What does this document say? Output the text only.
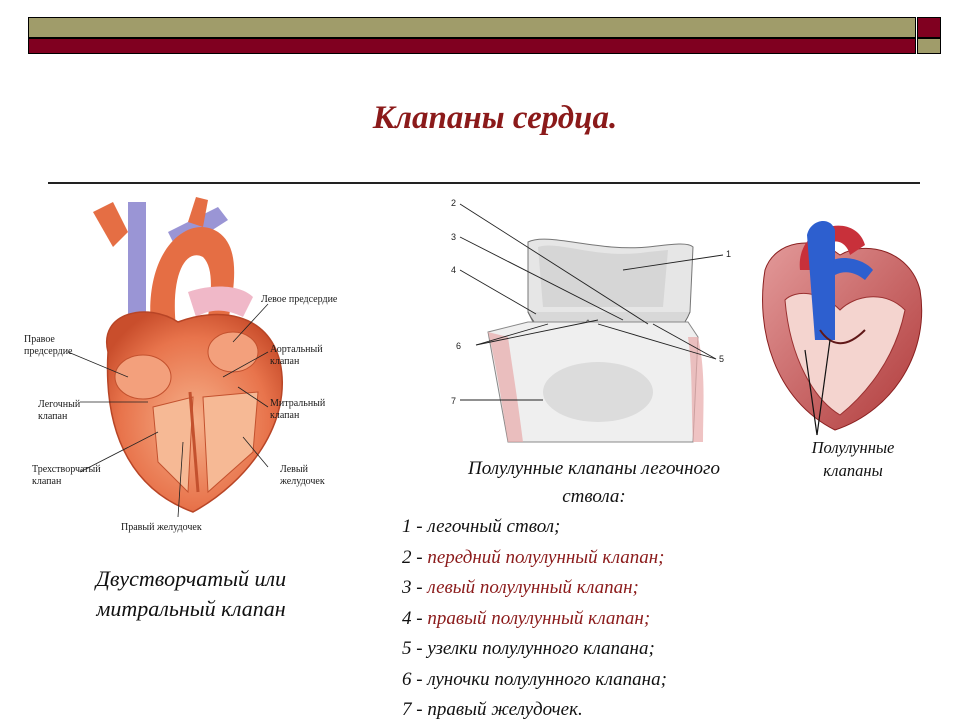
Клапаны сердца.
Левое предсердие
Правое
предсердие	Аортальный
клапан
Легочный
клапан
Митральный
клапан
Трехстворчатый
клапан
Левый
желудочек
Правый желудочек
Двустворчатый или
митральный клапан
2
3
4
1
6
5
7
Полулунные клапаны легочного
ствола:
1 - легочный ствол;
2 - передний полулунный клапан;
3 - левый полулунный клапан;
4 - правый полулунный клапан;
5 - узелки полулунного клапана;
6 - луночки полулунного клапана;
7 - правый желудочек.
Полулунные
клапаны
